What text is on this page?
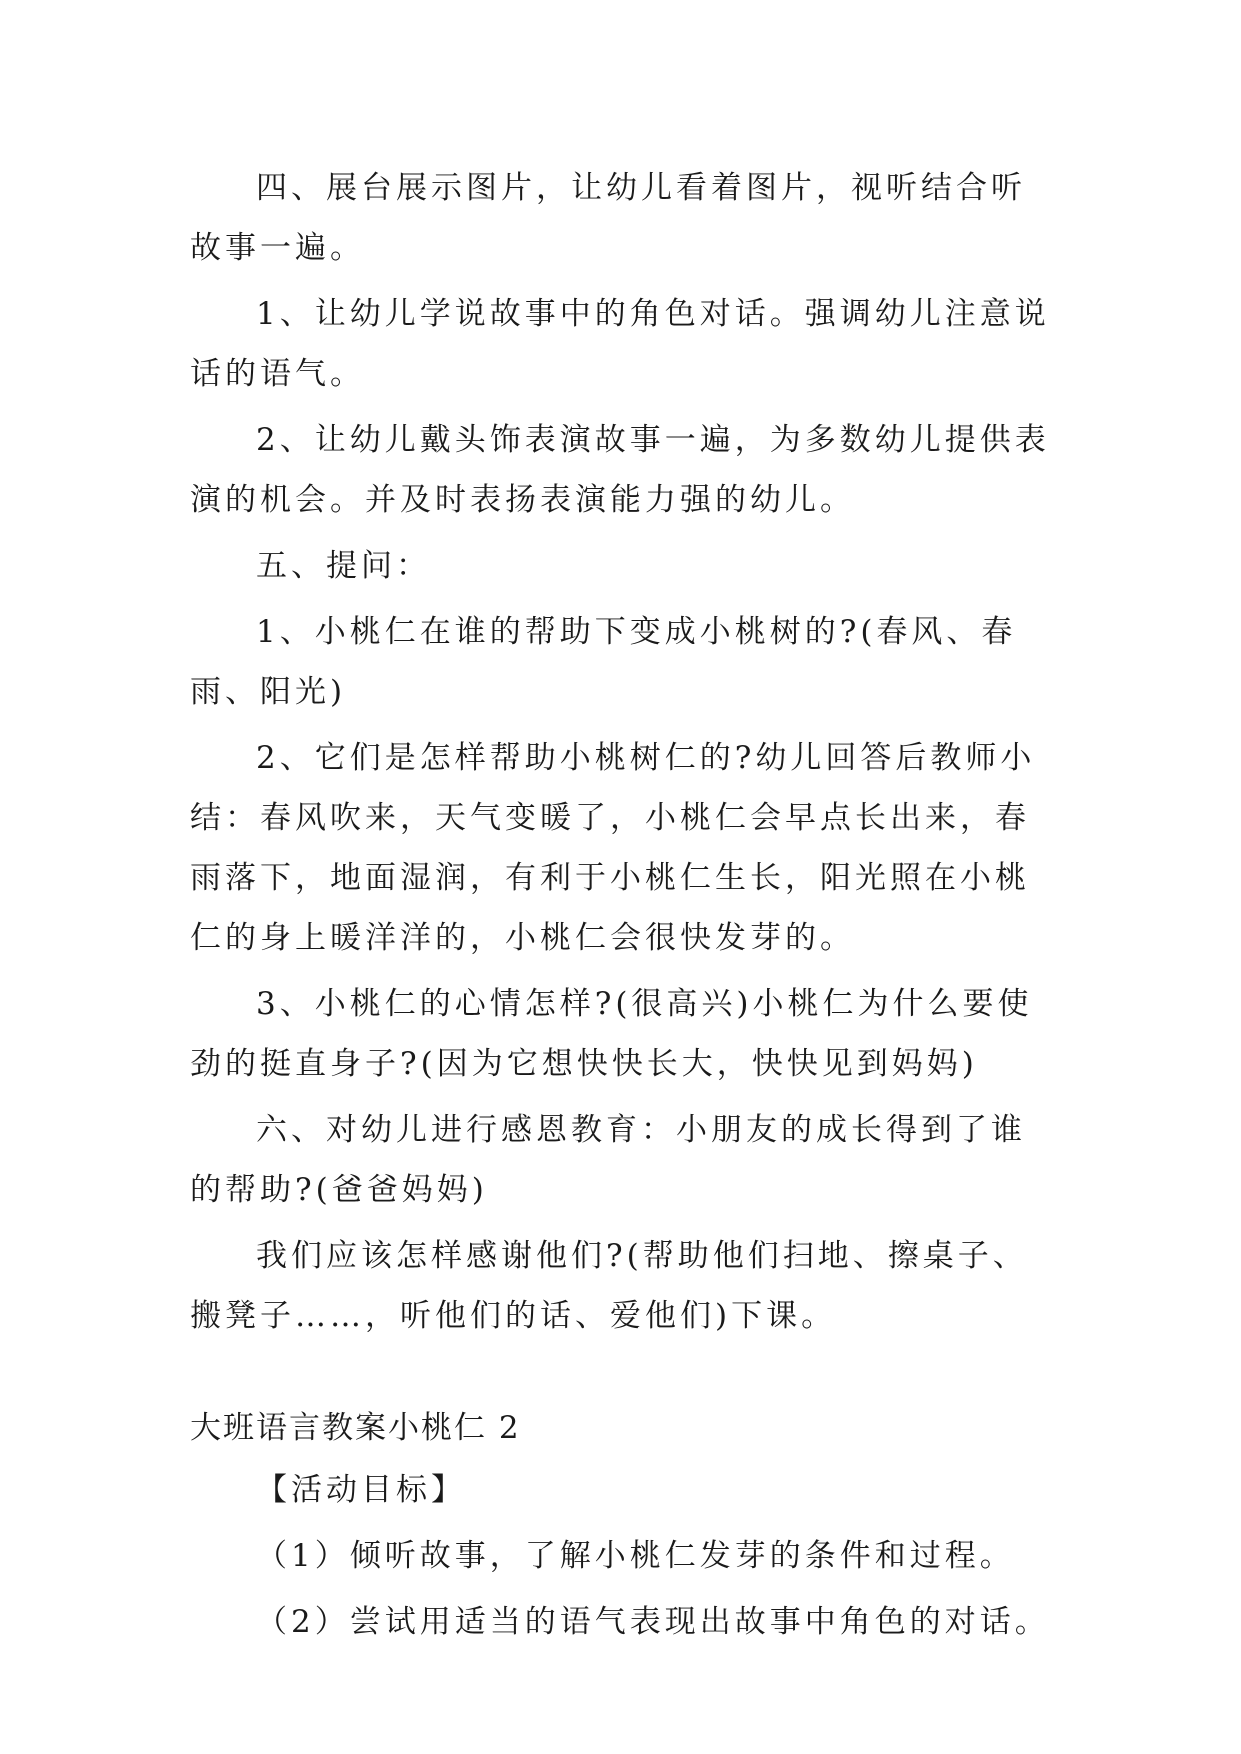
四、展台展示图片，让幼儿看着图片，视听结合听故事一遍。

1、让幼儿学说故事中的角色对话。强调幼儿注意说话的语气。

2、让幼儿戴头饰表演故事一遍，为多数幼儿提供表演的机会。并及时表扬表演能力强的幼儿。

五、提问：

1、小桃仁在谁的帮助下变成小桃树的?(春风、春雨、阳光)

2、它们是怎样帮助小桃树仁的?幼儿回答后教师小结：春风吹来，天气变暖了，小桃仁会早点长出来，春雨落下，地面湿润，有利于小桃仁生长，阳光照在小桃仁的身上暖洋洋的，小桃仁会很快发芽的。

3、小桃仁的心情怎样?(很高兴)小桃仁为什么要使劲的挺直身子?(因为它想快快长大，快快见到妈妈)

六、对幼儿进行感恩教育：小朋友的成长得到了谁的帮助?(爸爸妈妈)

我们应该怎样感谢他们?(帮助他们扫地、擦桌子、搬凳子……，听他们的话、爱他们)下课。

大班语言教案小桃仁 2

【活动目标】

（1）倾听故事，了解小桃仁发芽的条件和过程。

（2）尝试用适当的语气表现出故事中角色的对话。
